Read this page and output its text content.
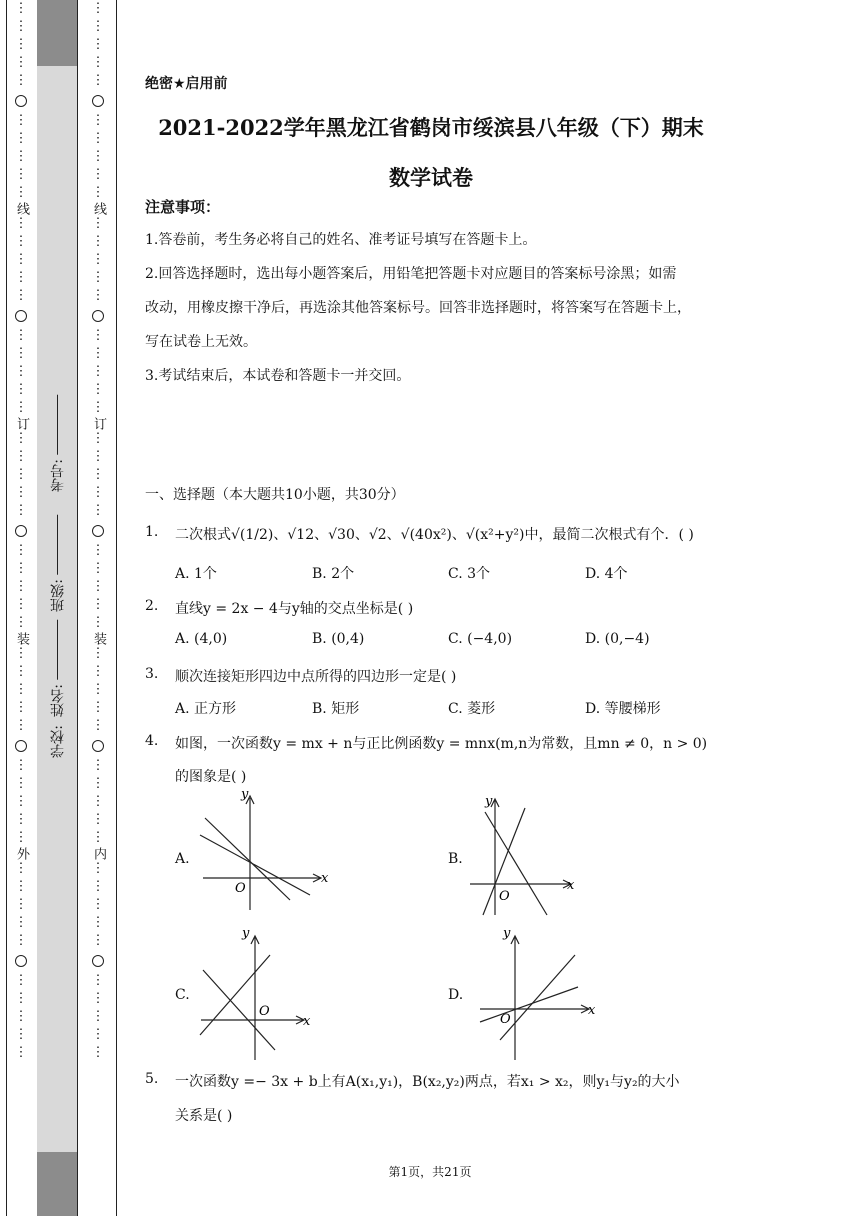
⋮
⋮
⋮
⋮
⋮
⋮
⋮
⋮
⋮
⋮
线
⋮
⋮
⋮
⋮
⋮
⋮
⋮
⋮
⋮
⋮
订
⋮
⋮
⋮
⋮
⋮
⋮
⋮
⋮
⋮
⋮
装
⋮
⋮
⋮
⋮
⋮
⋮
⋮
⋮
⋮
⋮
外
⋮
⋮
⋮
⋮
⋮
⋮
⋮
⋮
⋮
⋮
⋮
⋮
⋮
⋮
⋮
⋮
⋮
⋮
⋮
⋮
线
⋮
⋮
⋮
⋮
⋮
⋮
⋮
⋮
⋮
⋮
订
⋮
⋮
⋮
⋮
⋮
⋮
⋮
⋮
⋮
⋮
装
⋮
⋮
⋮
⋮
⋮
⋮
⋮
⋮
⋮
⋮
内
⋮
⋮
⋮
⋮
⋮
⋮
⋮
⋮
⋮
⋮
学校:
姓名:
班级:
考号:
绝密★启用前
2021-2022学年黑龙江省鹤岗市绥滨县八年级（下）期末
数学试卷
注意事项：
1.答卷前，考生务必将自己的姓名、准考证号填写在答题卡上。
2.回答选择题时，选出每小题答案后，用铅笔把答题卡对应题目的答案标号涂黑；如需
改动，用橡皮擦干净后，再选涂其他答案标号。回答非选择题时，将答案写在答题卡上，
写在试卷上无效。
3.考试结束后，本试卷和答题卡一并交回。
一、选择题（本大题共10小题，共30分）
1. 二次根式√(1/2)、√12、√30、√2、√(40x²)、√(x²+y²)中，最简二次根式有个．( )
A. 1个	B. 2个	C. 3个	D. 4个
2. 直线y = 2x − 4与y轴的交点坐标是( )
A. (4,0)	B. (0,4)	C. (−4,0)	D. (0,−4)
3. 顺次连接矩形四边中点所得的四边形一定是( )
A. 正方形	B. 矩形	C. 菱形	D. 等腰梯形
4. 如图，一次函数y = mx + n与正比例函数y = mnx(m,n为常数，且mn ≠ 0，n > 0)
的图象是( )
A.	B.
C.	D.
y
x
O
y
x
O
y
x
O
y
x
O
5. 一次函数y =− 3x + b上有A(x₁,y₁)，B(x₂,y₂)两点，若x₁ > x₂，则y₁与y₂的大小
关系是( )
第1页，共21页
